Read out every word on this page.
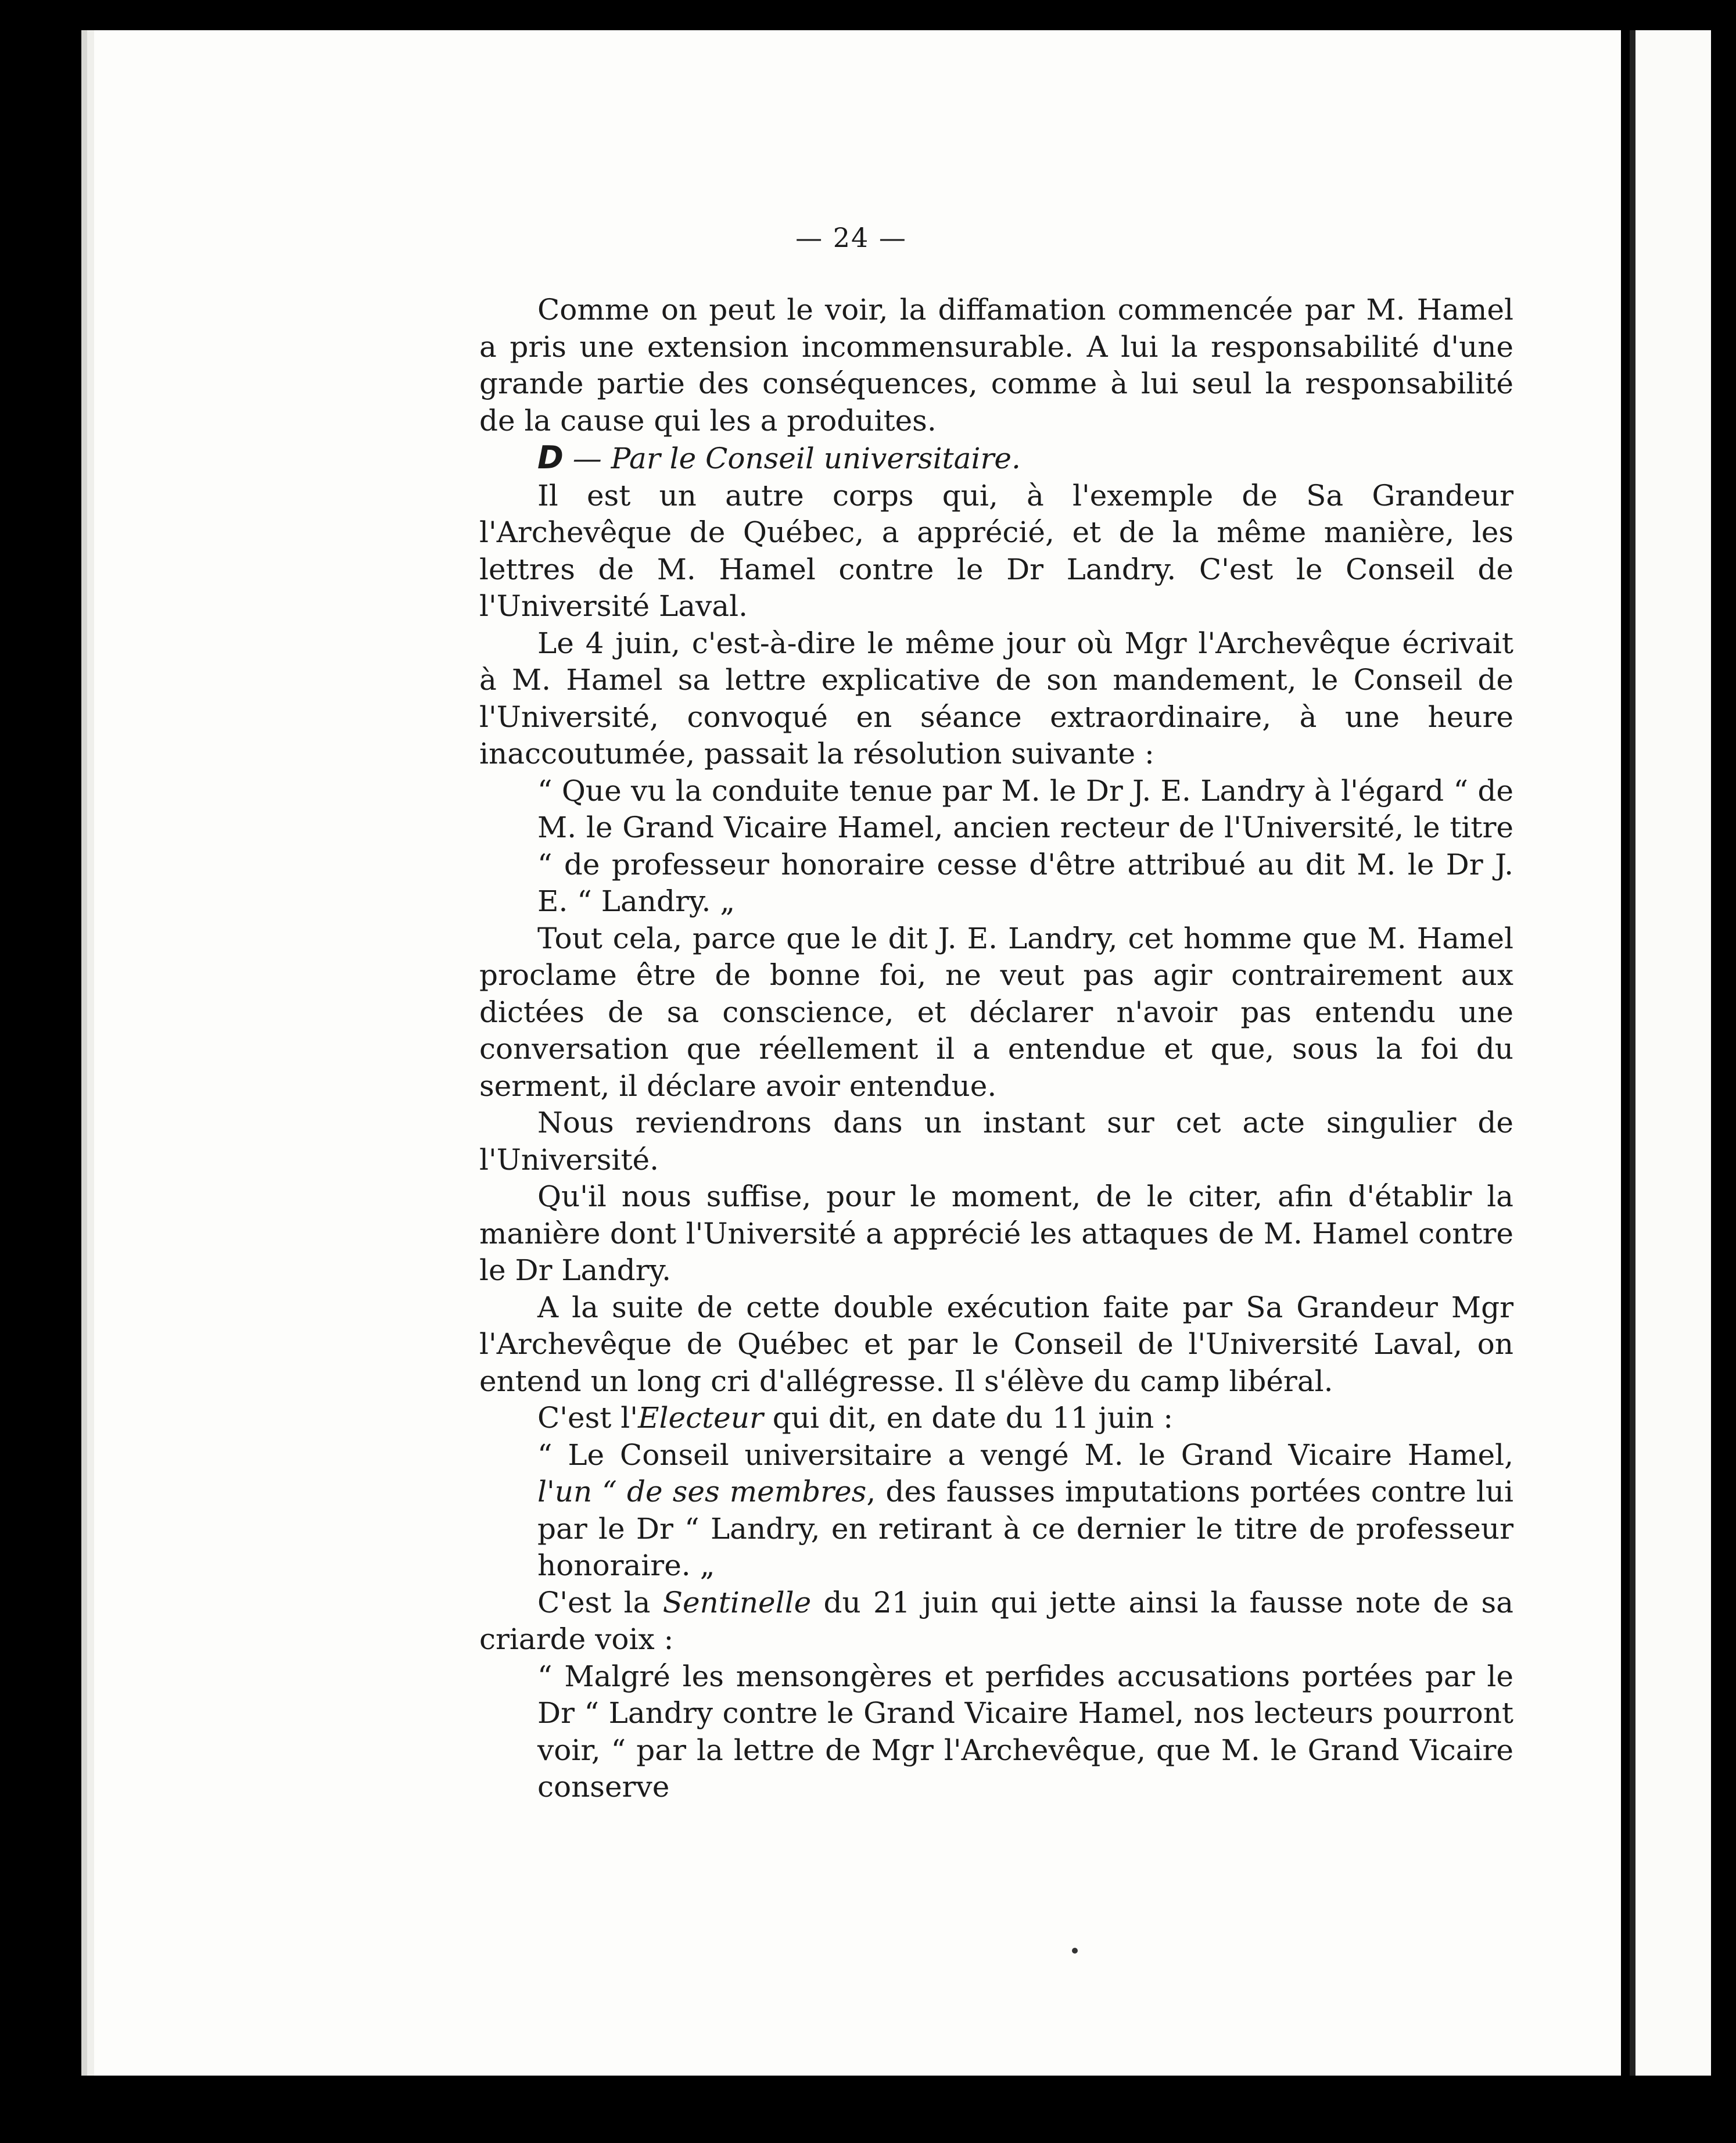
— 24 —

Comme on peut le voir, la diffamation commencée par M. Hamel a pris une extension incommensurable. A lui la responsabilité d'une grande partie des conséquences, comme à lui seul la responsabilité de la cause qui les a produites.

D — Par le Conseil universitaire.

Il est un autre corps qui, à l'exemple de Sa Grandeur l'Archevêque de Québec, a apprécié, et de la même manière, les lettres de M. Hamel contre le Dr Landry. C'est le Conseil de l'Université Laval.

Le 4 juin, c'est-à-dire le même jour où Mgr l'Archevêque écrivait à M. Hamel sa lettre explicative de son mandement, le Conseil de l'Université, convoqué en séance extraordinaire, à une heure inaccoutumée, passait la résolution suivante :

“ Que vu la conduite tenue par M. le Dr J. E. Landry à l'égard “ de M. le Grand Vicaire Hamel, ancien recteur de l'Université, le titre “ de professeur honoraire cesse d'être attribué au dit M. le Dr J. E. “ Landry. „

Tout cela, parce que le dit J. E. Landry, cet homme que M. Hamel proclame être de bonne foi, ne veut pas agir contrairement aux dictées de sa conscience, et déclarer n'avoir pas entendu une conversation que réellement il a entendue et que, sous la foi du serment, il déclare avoir entendue.

Nous reviendrons dans un instant sur cet acte singulier de l'Université.

Qu'il nous suffise, pour le moment, de le citer, afin d'établir la manière dont l'Université a apprécié les attaques de M. Hamel contre le Dr Landry.

A la suite de cette double exécution faite par Sa Grandeur Mgr l'Archevêque de Québec et par le Conseil de l'Université Laval, on entend un long cri d'allégresse. Il s'élève du camp libéral.

C'est l'Electeur qui dit, en date du 11 juin :

“ Le Conseil universitaire a vengé M. le Grand Vicaire Hamel, l'un “ de ses membres, des fausses imputations portées contre lui par le Dr “ Landry, en retirant à ce dernier le titre de professeur honoraire. „

C'est la Sentinelle du 21 juin qui jette ainsi la fausse note de sa criarde voix :

“ Malgré les mensongères et perfides accusations portées par le Dr “ Landry contre le Grand Vicaire Hamel, nos lecteurs pourront voir, “ par la lettre de Mgr l'Archevêque, que M. le Grand Vicaire conserve
